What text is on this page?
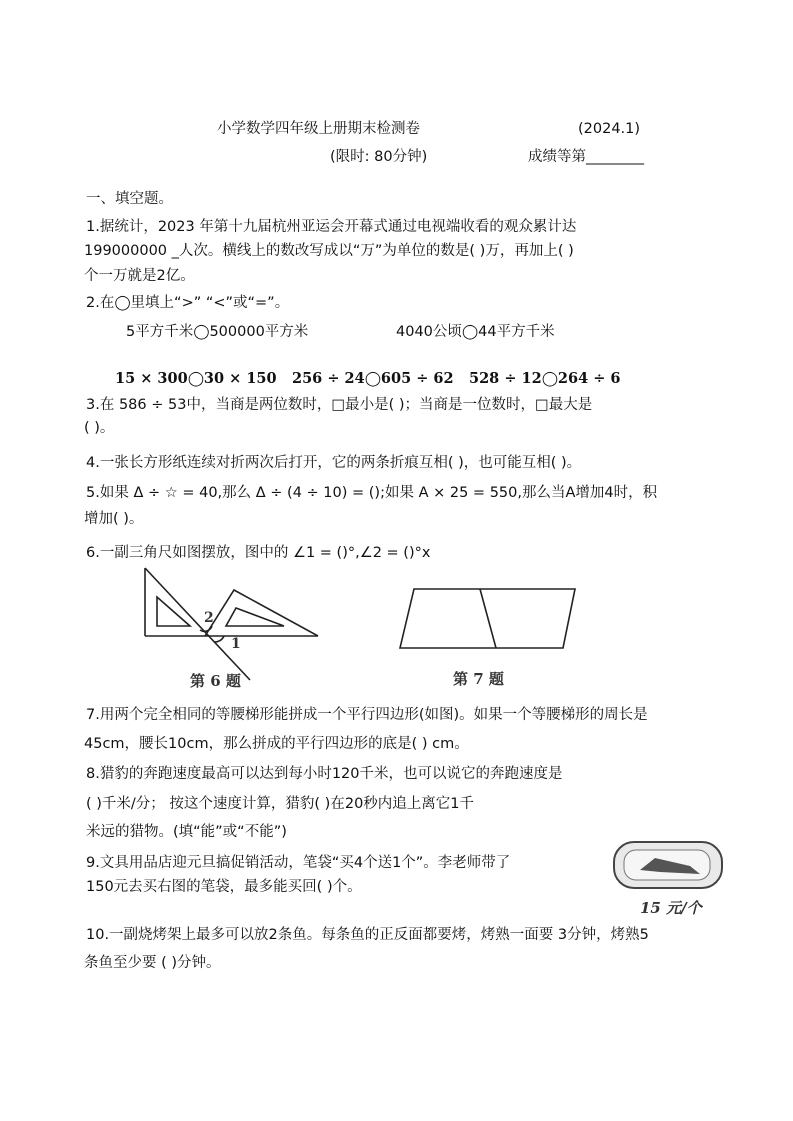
小学数学四年级上册期末检测卷	(2024.1)
(限时: 80分钟)	成绩等第________
一、填空题。
1.据统计，2023 年第十九届杭州亚运会开幕式通过电视端收看的观众累计达
199000000 _人次。横线上的数改写成以“万”为单位的数是( )万，再加上( )
个一万就是2亿。
2.在◯里填上“>” “<”或“=”。
5平方千米◯500000平方米	4040公顷◯44平方千米
15 × 300◯30 × 150 256 ÷ 24◯605 ÷ 62 528 ÷ 12◯264 ÷ 6
3.在 586 ÷ 53中，当商是两位数时，□最小是( )；当商是一位数时，□最大是
( )。
4.一张长方形纸连续对折两次后打开，它的两条折痕互相( )，也可能互相( )。
5.如果 Δ ÷ ☆ = 40,那么 Δ ÷ (4 ÷ 10) = ();如果 A × 25 = 550,那么当A增加4时，积
增加( )。
6.一副三角尺如图摆放，图中的 ∠1 = ()°,∠2 = ()°x
第 6 题	第 7 题
2
1
15 元/个
7.用两个完全相同的等腰梯形能拼成一个平行四边形(如图)。如果一个等腰梯形的周长是
45cm，腰长10cm，那么拼成的平行四边形的底是( ) cm。
8.猎豹的奔跑速度最高可以达到每小时120千米，也可以说它的奔跑速度是
( )千米/分； 按这个速度计算，猎豹( )在20秒内追上离它1千
米远的猎物。(填“能”或“不能”)
9.文具用品店迎元旦搞促销活动，笔袋“买4个送1个”。李老师带了
150元去买右图的笔袋，最多能买回( )个。
10.一副烧烤架上最多可以放2条鱼。每条鱼的正反面都要烤，烤熟一面要 3分钟，烤熟5
条鱼至少要 ( )分钟。
